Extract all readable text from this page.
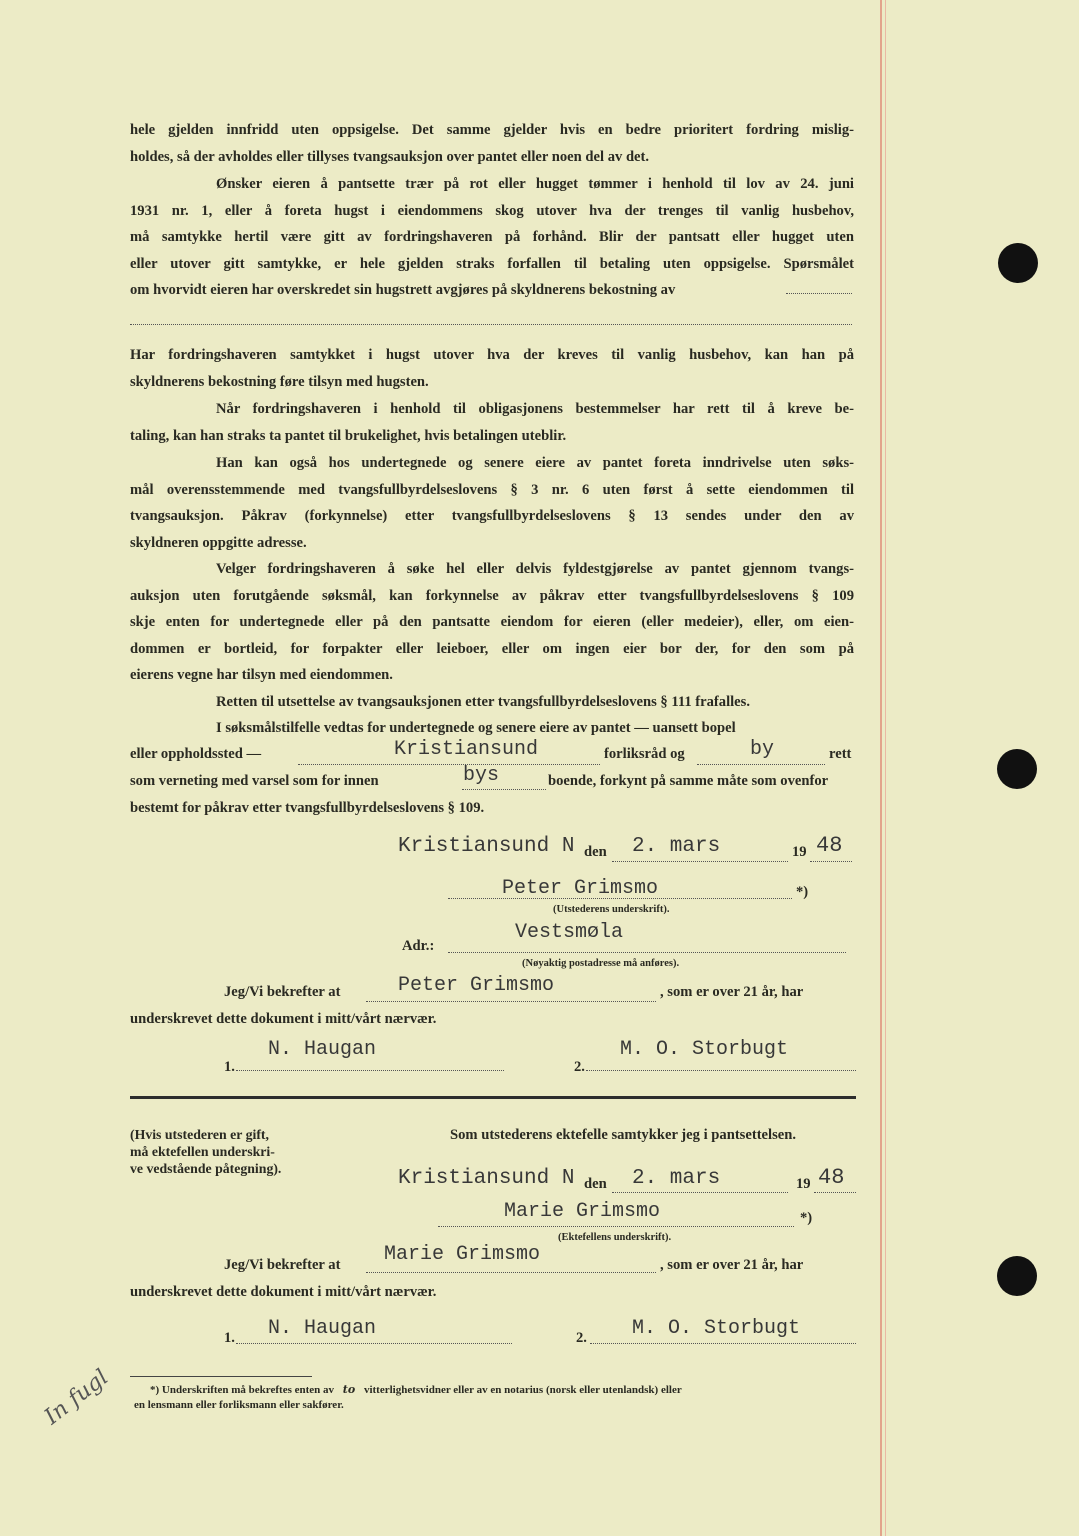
hele gjelden innfridd uten oppsigelse. Det samme gjelder hvis en bedre prioritert fordring mislig-
holdes, så der avholdes eller tillyses tvangsauksjon over pantet eller noen del av det.
Ønsker eieren å pantsette trær på rot eller hugget tømmer i henhold til lov av 24. juni
1931 nr. 1, eller å foreta hugst i eiendommens skog utover hva der trenges til vanlig husbehov,
må samtykke hertil være gitt av fordringshaveren på forhånd. Blir der pantsatt eller hugget uten
eller utover gitt samtykke, er hele gjelden straks forfallen til betaling uten oppsigelse. Spørsmålet
om hvorvidt eieren har overskredet sin hugstrett avgjøres på skyldnerens bekostning av
Har fordringshaveren samtykket i hugst utover hva der kreves til vanlig husbehov, kan han på
skyldnerens bekostning føre tilsyn med hugsten.
Når fordringshaveren i henhold til obligasjonens bestemmelser har rett til å kreve be-
taling, kan han straks ta pantet til brukelighet, hvis betalingen uteblir.
Han kan også hos undertegnede og senere eiere av pantet foreta inndrivelse uten søks-
mål overensstemmende med tvangsfullbyrdelseslovens § 3 nr. 6 uten først å sette eiendommen til
tvangsauksjon. Påkrav (forkynnelse) etter tvangsfullbyrdelseslovens § 13 sendes under den av
skyldneren oppgitte adresse.
Velger fordringshaveren å søke hel eller delvis fyldestgjørelse av pantet gjennom tvangs-
auksjon uten forutgående søksmål, kan forkynnelse av påkrav etter tvangsfullbyrdelseslovens § 109
skje enten for undertegnede eller på den pantsatte eiendom for eieren (eller medeier), eller, om eien-
dommen er bortleid, for forpakter eller leieboer, eller om ingen eier bor der, for den som på
eierens vegne har tilsyn med eiendommen.
Retten til utsettelse av tvangsauksjonen etter tvangsfullbyrdelseslovens § 111 frafalles.
I søksmålstilfelle vedtas for undertegnede og senere eiere av pantet — uansett bopel
eller oppholdssted —	Kristiansund	forliksråd og	by	rett
som verneting med varsel som for innen	bys	boende, forkynt på samme måte som ovenfor
bestemt for påkrav etter tvangsfullbyrdelseslovens § 109.
Kristiansund N den 2. mars	19 48
Peter Grimsmo	*)
(Utstederens underskrift).
Adr.:
Vestsmøla
(Nøyaktig postadresse må anføres).
Jeg/Vi bekrefter at	Peter Grimsmo	, som er over 21 år, har
underskrevet dette dokument i mitt/vårt nærvær.
1.
N. Haugan
2.
M. O. Storbugt
(Hvis utstederen er gift,
må ektefellen underskri-
ve vedstående påtegning).
Som utstederens ektefelle samtykker jeg i pantsettelsen.
Kristiansund N den 2. mars	19 48
Marie Grimsmo	*)
(Ektefellens underskrift).
Jeg/Vi bekrefter at Marie Grimsmo	, som er over 21 år, har
underskrevet dette dokument i mitt/vårt nærvær.
1. N. Haugan	2. M. O. Storbugt
*) Underskriften må bekreftes enten av to vitterlighetsvidner eller av en notarius (norsk eller utenlandsk) eller
en lensmann eller forliksmann eller sakfører.
In fugl
